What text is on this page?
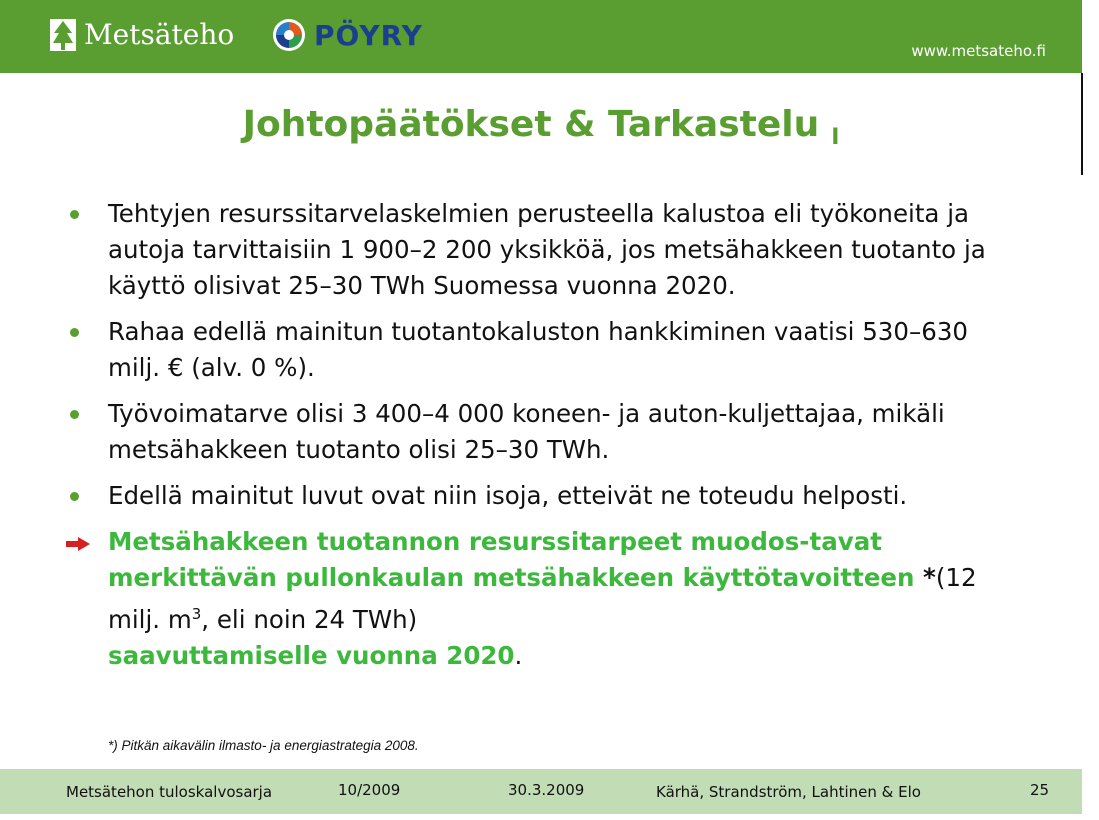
Metsäteho	PÖYRY	www.metsateho.fi
Johtopäätökset & Tarkastelu I
Tehtyjen resurssitarvelaskelmien perusteella kalustoa eli työkoneita ja autoja tarvittaisiin 1 900–2 200 yksikköä, jos metsähakkeen tuotanto ja käyttö olisivat 25–30 TWh Suomessa vuonna 2020.
Rahaa edellä mainitun tuotantokaluston hankkiminen vaatisi 530–630 milj. € (alv. 0 %).
Työvoimatarve olisi 3 400–4 000 koneen- ja auton-kuljettajaa, mikäli metsähakkeen tuotanto olisi 25–30 TWh.
Edellä mainitut luvut ovat niin isoja, etteivät ne toteudu helposti.
Metsähakkeen tuotannon resurssitarpeet muodos-tavat merkittävän pullonkaulan metsähakkeen käyttötavoitteen *(12 milj. $m^3$, eli noin 24 TWh)
saavuttamiselle vuonna 2020.
*) Pitkän aikavälin ilmasto- ja energiastrategia 2008.
Metsätehon tuloskalvosarja	10/2009	30.3.2009	Kärhä, Strandström, Lahtinen & Elo	25
